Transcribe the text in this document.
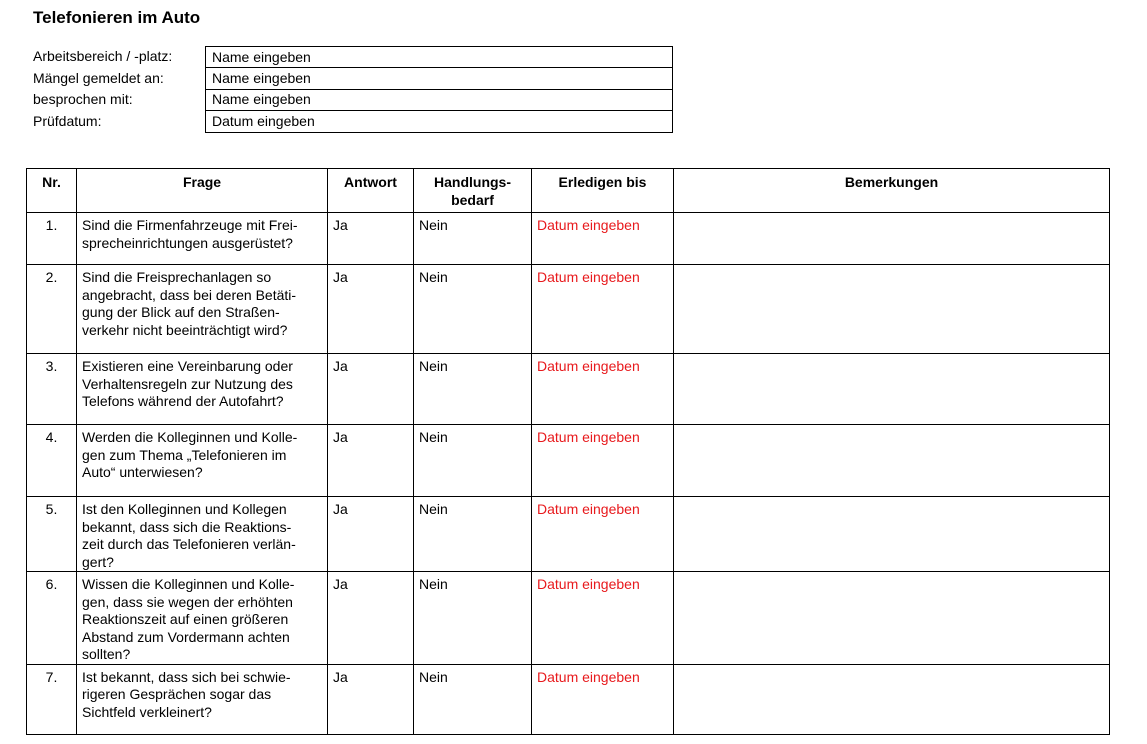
Telefonieren im Auto
Arbeitsbereich / -platz:	Name eingeben
Mängel gemeldet an:	Name eingeben
besprochen mit:	Name eingeben
Prüfdatum:	Datum eingeben
Nr.	Frage	Antwort	Handlungs-
bedarf	Erledigen bis	Bemerkungen
1.	Sind die Firmenfahrzeuge mit Frei-
sprecheinrichtungen ausgerüstet?	Ja	Nein	Datum eingeben	
2.	Sind die Freisprechanlagen so
angebracht, dass bei deren Betäti-
gung der Blick auf den Straßen-
verkehr nicht beeinträchtigt wird?	Ja	Nein	Datum eingeben	
3.	Existieren eine Vereinbarung oder
Verhaltensregeln zur Nutzung des
Telefons während der Autofahrt?	Ja	Nein	Datum eingeben	
4.	Werden die Kolleginnen und Kolle-
gen zum Thema „Telefonieren im
Auto“ unterwiesen?	Ja	Nein	Datum eingeben	
5.	Ist den Kolleginnen und Kollegen
bekannt, dass sich die Reaktions-
zeit durch das Telefonieren verlän-
gert?	Ja	Nein	Datum eingeben	
6.	Wissen die Kolleginnen und Kolle-
gen, dass sie wegen der erhöhten
Reaktionszeit auf einen größeren
Abstand zum Vordermann achten
sollten?	Ja	Nein	Datum eingeben	
7.	Ist bekannt, dass sich bei schwie-
rigeren Gesprächen sogar das
Sichtfeld verkleinert?	Ja	Nein	Datum eingeben	
